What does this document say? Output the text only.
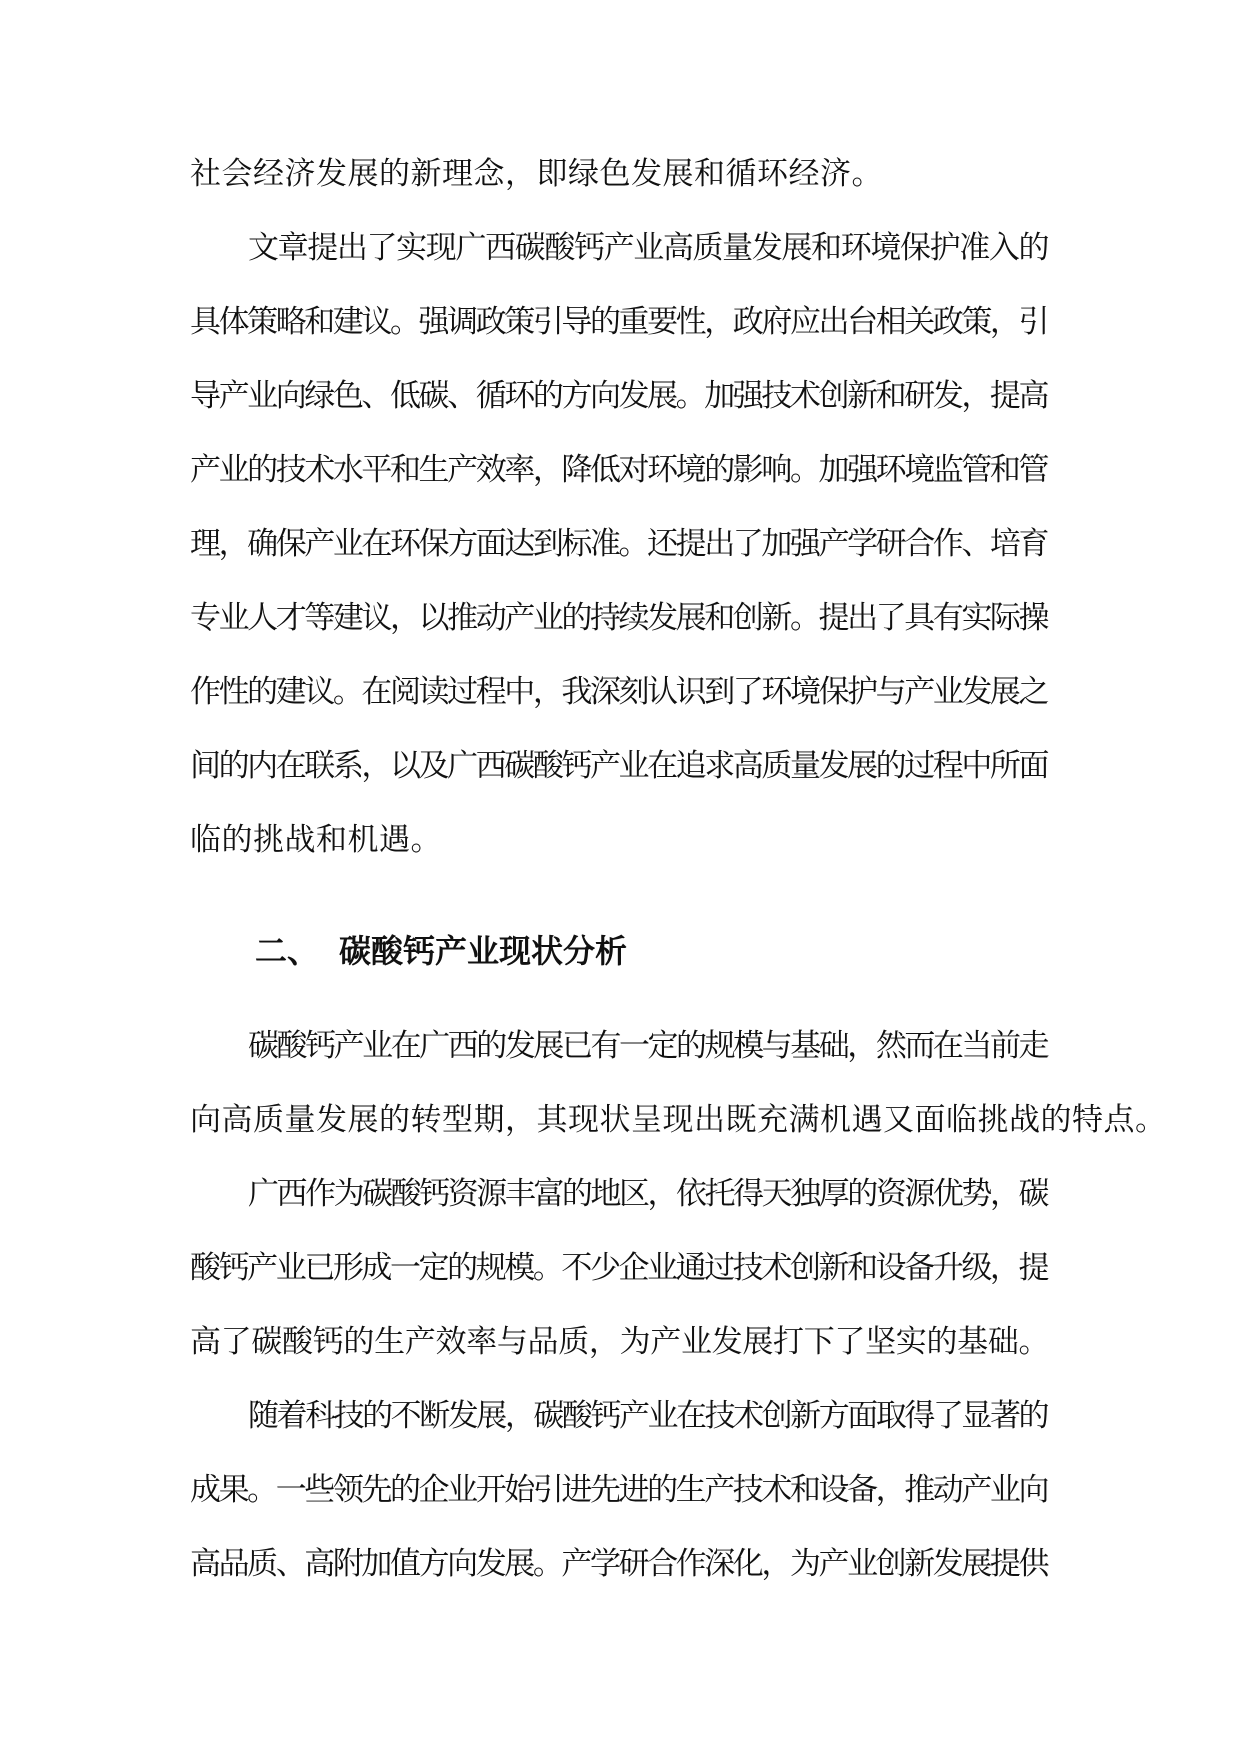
社会经济发展的新理念，即绿色发展和循环经济。
文章提出了实现广西碳酸钙产业高质量发展和环境保护准入的
具体策略和建议。强调政策引导的重要性，政府应出台相关政策，引
导产业向绿色、低碳、循环的方向发展。加强技术创新和研发，提高
产业的技术水平和生产效率，降低对环境的影响。加强环境监管和管
理，确保产业在环保方面达到标准。还提出了加强产学研合作、培育
专业人才等建议，以推动产业的持续发展和创新。提出了具有实际操
作性的建议。在阅读过程中，我深刻认识到了环境保护与产业发展之
间的内在联系，以及广西碳酸钙产业在追求高质量发展的过程中所面
临的挑战和机遇。
二、 碳酸钙产业现状分析
碳酸钙产业在广西的发展已有一定的规模与基础，然而在当前走
向高质量发展的转型期，其现状呈现出既充满机遇又面临挑战的特点。
广西作为碳酸钙资源丰富的地区，依托得天独厚的资源优势，碳
酸钙产业已形成一定的规模。不少企业通过技术创新和设备升级，提
高了碳酸钙的生产效率与品质，为产业发展打下了坚实的基础。
随着科技的不断发展，碳酸钙产业在技术创新方面取得了显著的
成果。一些领先的企业开始引进先进的生产技术和设备，推动产业向
高品质、高附加值方向发展。产学研合作深化，为产业创新发展提供
